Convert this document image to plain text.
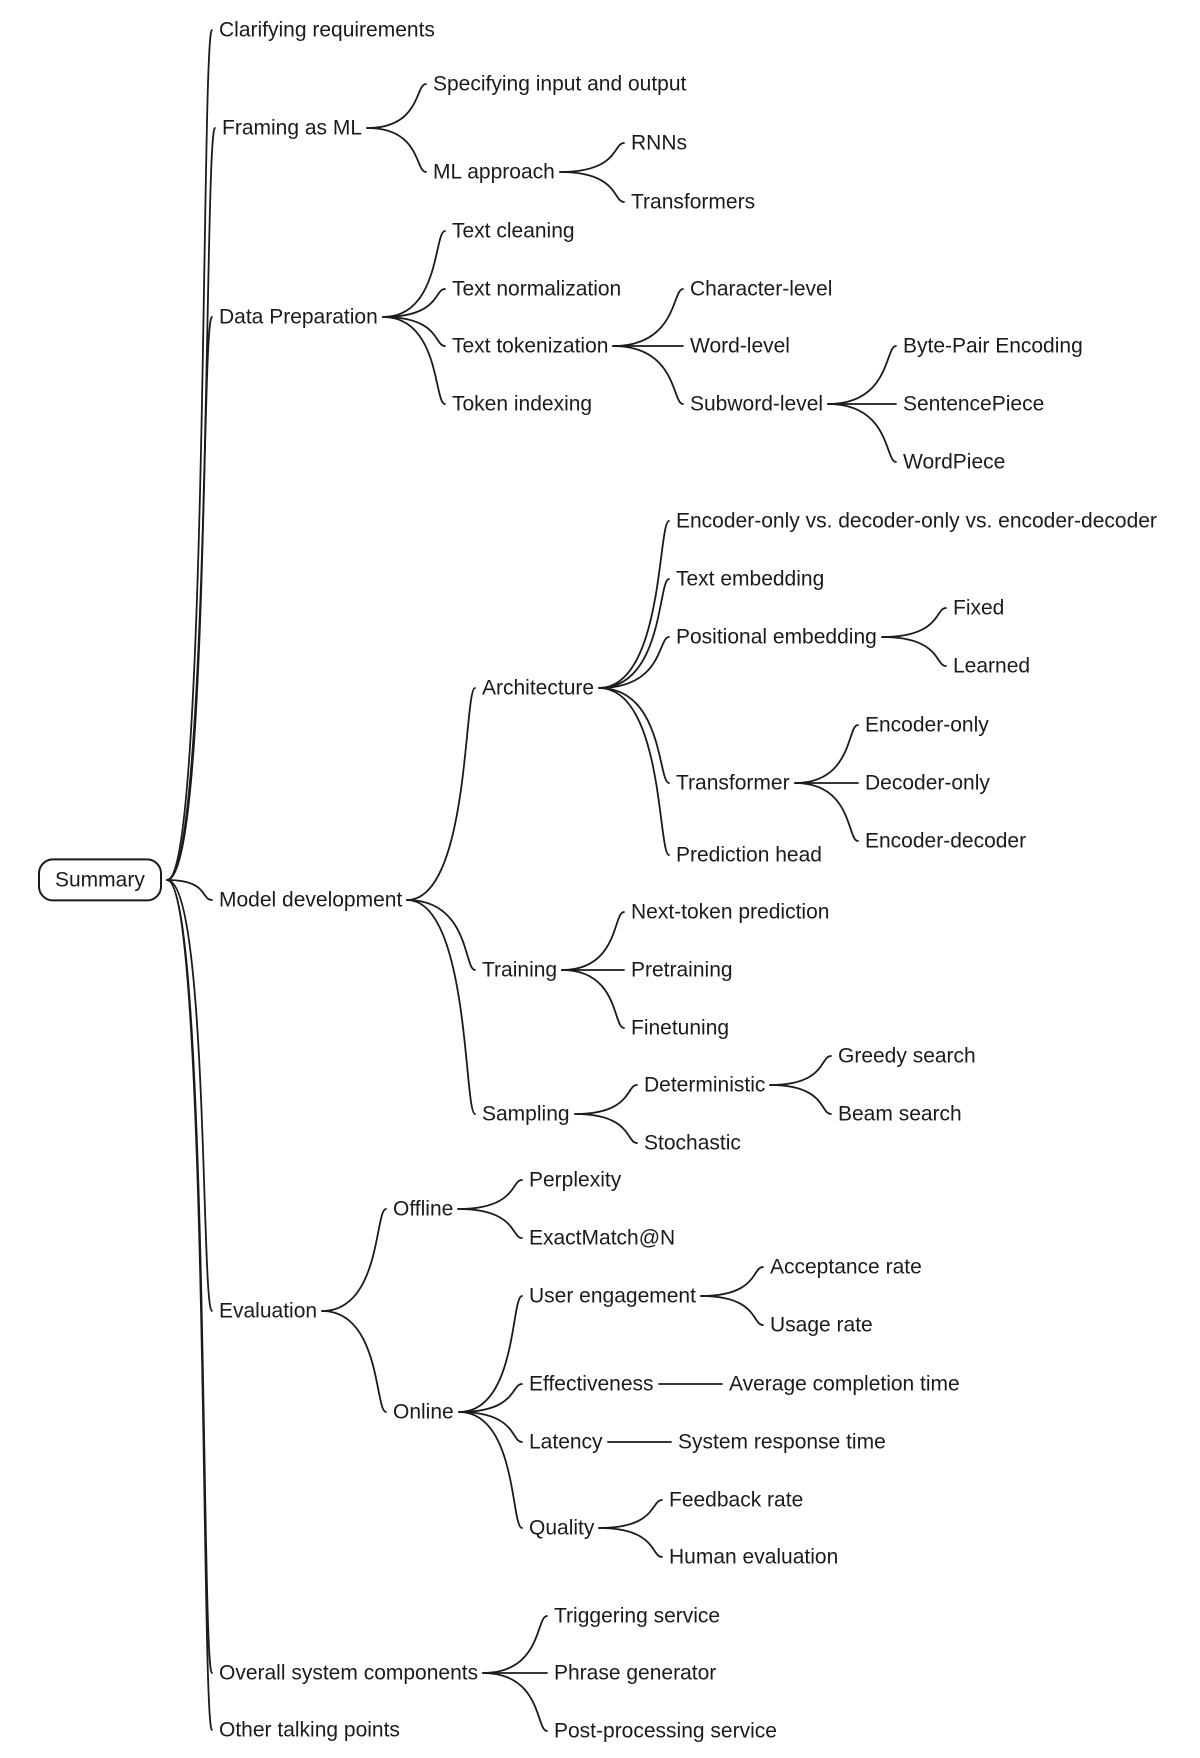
Summary
Clarifying requirements
Framing as ML
Specifying input and output
ML approach
RNNs
Transformers
Data Preparation
Text cleaning
Text normalization
Text tokenization
Character-level
Word-level
Subword-level
Byte-Pair Encoding
SentencePiece
WordPiece
Token indexing
Model development
Architecture
Encoder-only vs. decoder-only vs. encoder-decoder
Text embedding
Positional embedding
Fixed
Learned
Transformer
Encoder-only
Decoder-only
Encoder-decoder
Prediction head
Training
Next-token prediction
Pretraining
Finetuning
Sampling
Deterministic
Greedy search
Beam search
Stochastic
Evaluation
Offline
Perplexity
ExactMatch@N
Online
User engagement
Acceptance rate
Usage rate
Effectiveness	Average completion time
Latency	System response time
Quality
Feedback rate
Human evaluation
Overall system components
Triggering service
Phrase generator
Post-processing service
Other talking points
